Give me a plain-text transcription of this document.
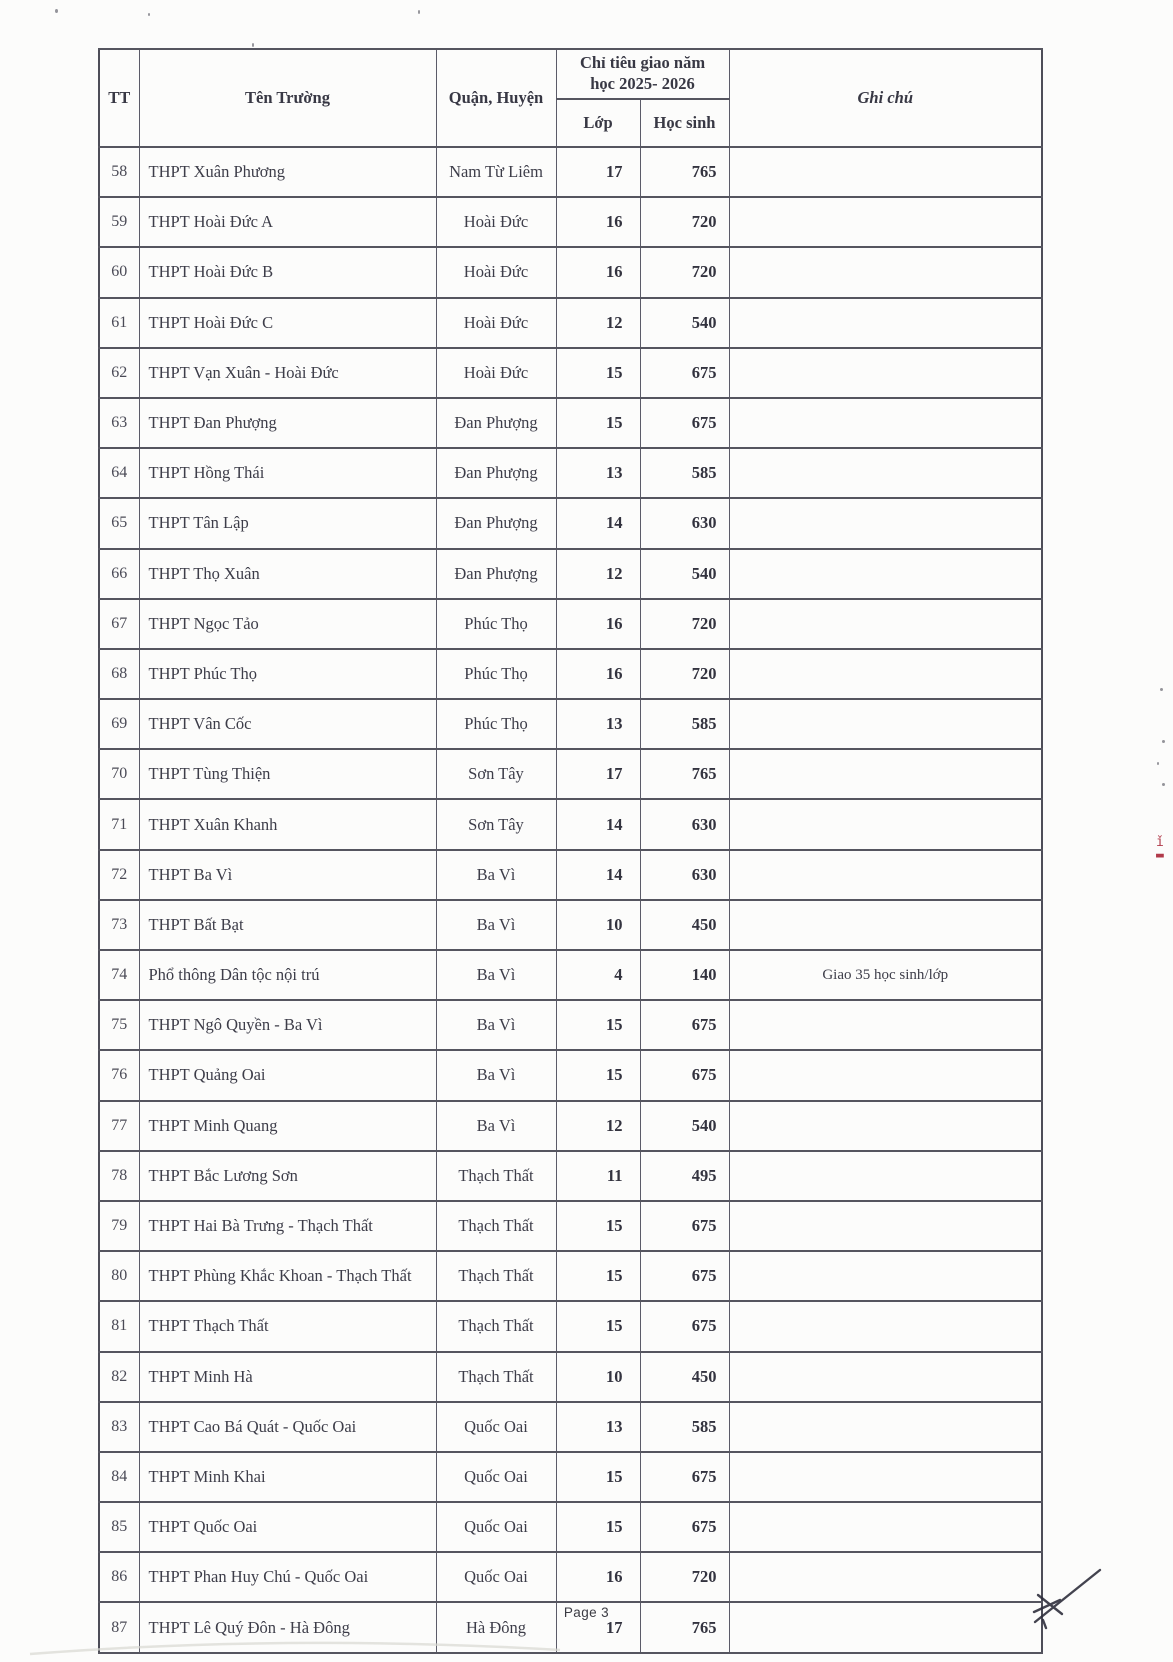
ǐ
▬
TT	Tên Trường	Quận, Huyện	Chỉ tiêu giao năm học 2025- 2026		Ghi chú
			Lớp	Học sinh	
58	THPT Xuân Phương	Nam Từ Liêm	17	765	
59	THPT Hoài Đức A	Hoài Đức	16	720	
60	THPT Hoài Đức B	Hoài Đức	16	720	
61	THPT Hoài Đức C	Hoài Đức	12	540	
62	THPT Vạn Xuân - Hoài Đức	Hoài Đức	15	675	
63	THPT Đan Phượng	Đan Phượng	15	675	
64	THPT Hồng Thái	Đan Phượng	13	585	
65	THPT Tân Lập	Đan Phượng	14	630	
66	THPT Thọ Xuân	Đan Phượng	12	540	
67	THPT Ngọc Tảo	Phúc Thọ	16	720	
68	THPT Phúc Thọ	Phúc Thọ	16	720	
69	THPT Vân Cốc	Phúc Thọ	13	585	
70	THPT Tùng Thiện	Sơn Tây	17	765	
71	THPT Xuân Khanh	Sơn Tây	14	630	
72	THPT Ba Vì	Ba Vì	14	630	
73	THPT Bất Bạt	Ba Vì	10	450	
74	Phổ thông Dân tộc nội trú	Ba Vì	4	140	Giao 35 học sinh/lớp
75	THPT Ngô Quyền - Ba Vì	Ba Vì	15	675	
76	THPT Quảng Oai	Ba Vì	15	675	
77	THPT Minh Quang	Ba Vì	12	540	
78	THPT Bắc Lương Sơn	Thạch Thất	11	495	
79	THPT Hai Bà Trưng - Thạch Thất	Thạch Thất	15	675	
80	THPT Phùng Khắc Khoan - Thạch Thất	Thạch Thất	15	675	
81	THPT Thạch Thất	Thạch Thất	15	675	
82	THPT Minh Hà	Thạch Thất	10	450	
83	THPT Cao Bá Quát - Quốc Oai	Quốc Oai	13	585	
84	THPT Minh Khai	Quốc Oai	15	675	
85	THPT Quốc Oai	Quốc Oai	15	675	
86	THPT Phan Huy Chú - Quốc Oai	Quốc Oai	16	720	
87	THPT Lê Quý Đôn - Hà Đông	Hà Đông	17	765	
Page 3
